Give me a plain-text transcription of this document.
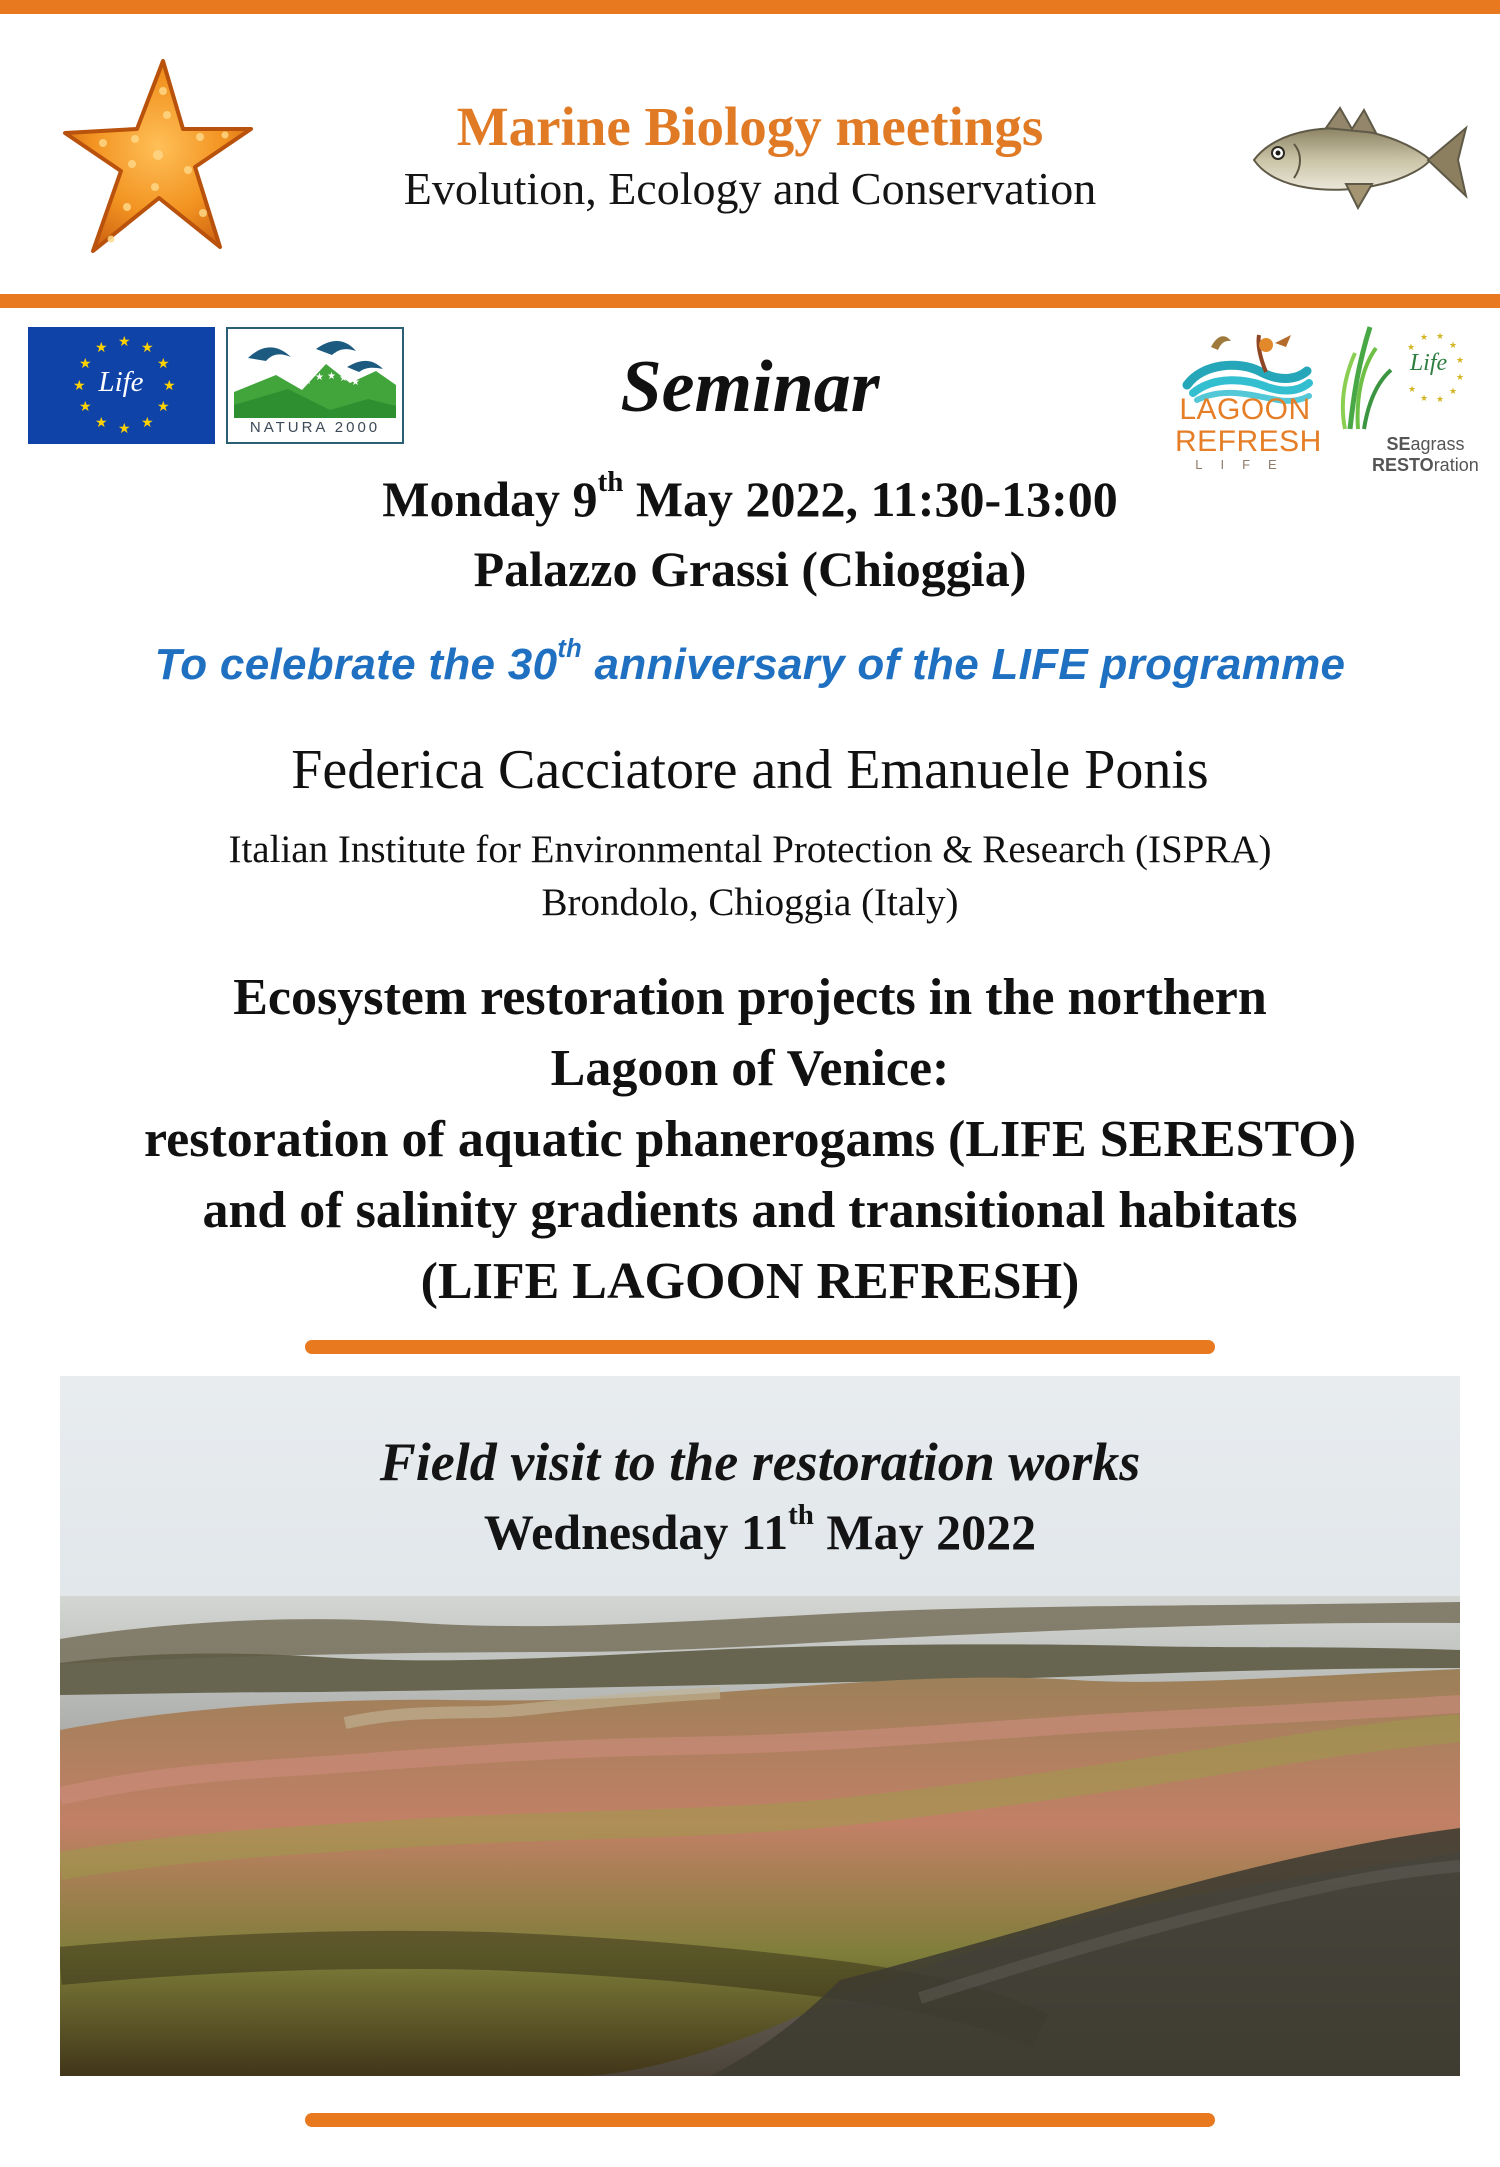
Marine Biology meetings
Evolution, Ecology and Conservation
★ ★
★
★
★
★
★
★
★
★
★
★
Life	★ ★ ★ ★ ★
NATURA 2000	Seminar	LAGOON
REFRESH
LIFE
★
★ ★
★
★
★
★
★
★
★
Life
SEagrass
RESTOration
Monday 9th May 2022, 11:30-13:00
Palazzo Grassi (Chioggia)
To celebrate the 30th anniversary of the LIFE programme
Federica Cacciatore and Emanuele Ponis
Italian Institute for Environmental Protection & Research (ISPRA)
Brondolo, Chioggia (Italy)
Ecosystem restoration projects in the northern
Lagoon of Venice:
restoration of aquatic phanerogams (LIFE SERESTO)
and of salinity gradients and transitional habitats
(LIFE LAGOON REFRESH)
Field visit to the restoration works
Wednesday 11th May 2022
